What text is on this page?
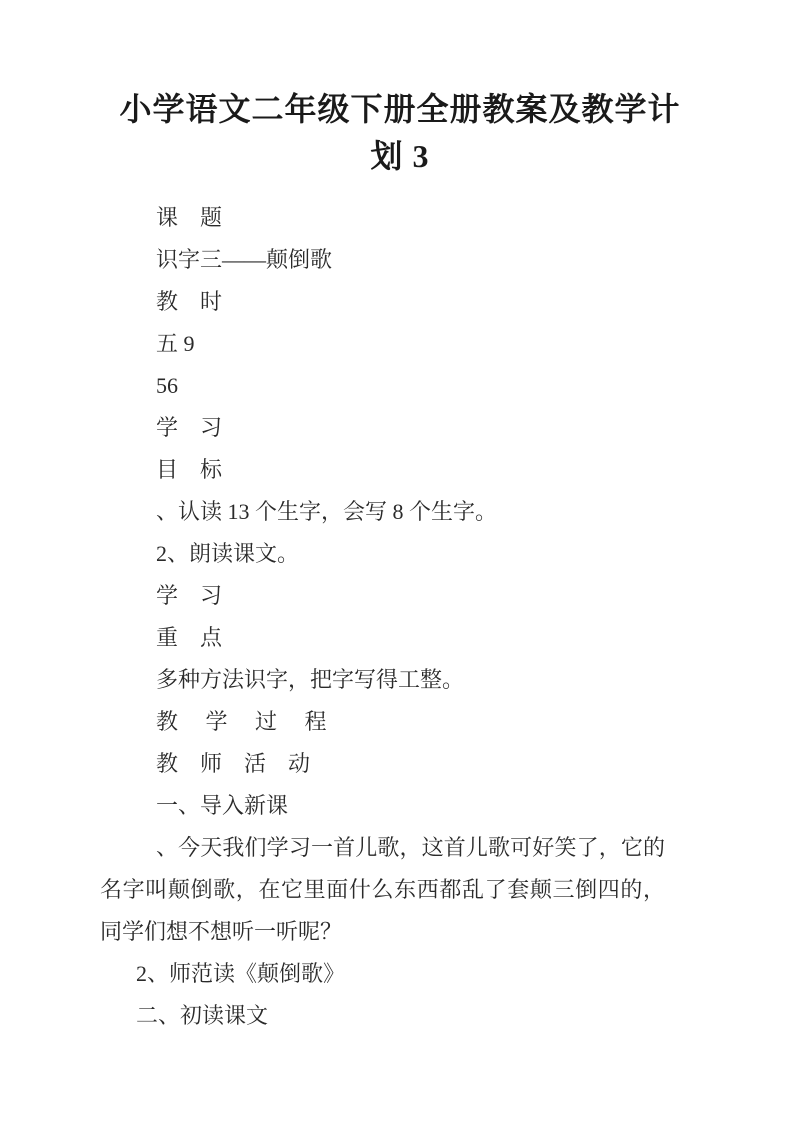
小学语文二年级下册全册教案及教学计
划 3
课　题
识字三——颠倒歌
教　时
五 9
56
学　习
目　标
、认读 13 个生字，会写 8 个生字。
2、朗读课文。
学　习
重　点
多种方法识字，把字写得工整。
教　 学　 过　 程
教　师　活　动
一、导入新课
、今天我们学习一首儿歌，这首儿歌可好笑了，它的
名字叫颠倒歌，在它里面什么东西都乱了套颠三倒四的，
同学们想不想听一听呢？
2、师范读《颠倒歌》
二、初读课文
